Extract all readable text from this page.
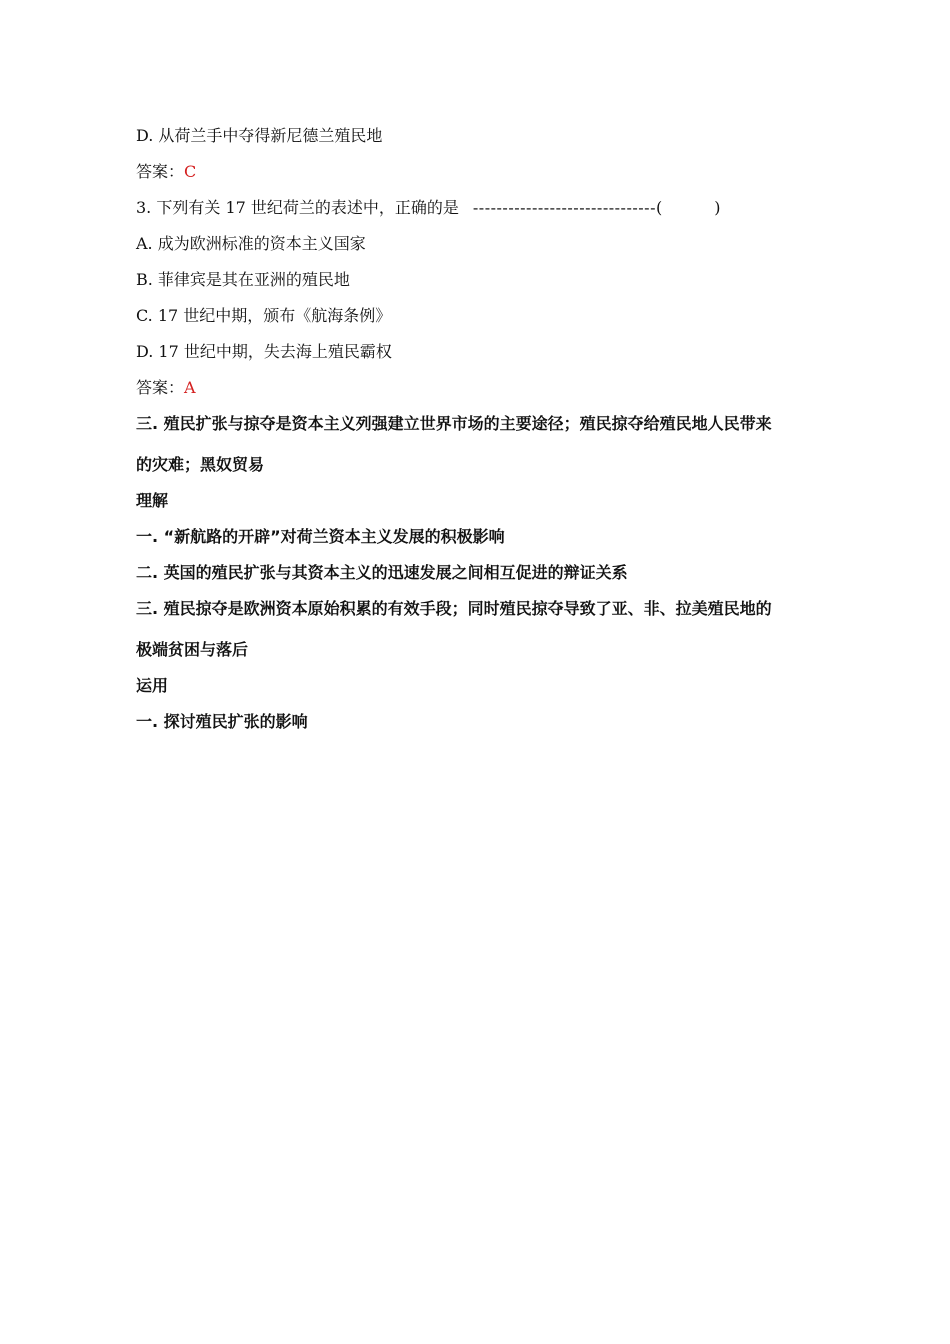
D. 从荷兰手中夺得新尼德兰殖民地
答案：C
3. 下列有关 17 世纪荷兰的表述中，正确的是 -------------------------------(	)
A. 成为欧洲标准的资本主义国家
B. 菲律宾是其在亚洲的殖民地
C. 17 世纪中期，颁布《航海条例》
D. 17 世纪中期，失去海上殖民霸权
答案：A
三. 殖民扩张与掠夺是资本主义列强建立世界市场的主要途径；殖民掠夺给殖民地人民带来
的灾难；黑奴贸易
理解
一. “新航路的开辟”对荷兰资本主义发展的积极影响
二. 英国的殖民扩张与其资本主义的迅速发展之间相互促进的辩证关系
三. 殖民掠夺是欧洲资本原始积累的有效手段；同时殖民掠夺导致了亚、非、拉美殖民地的
极端贫困与落后
运用
一. 探讨殖民扩张的影响
